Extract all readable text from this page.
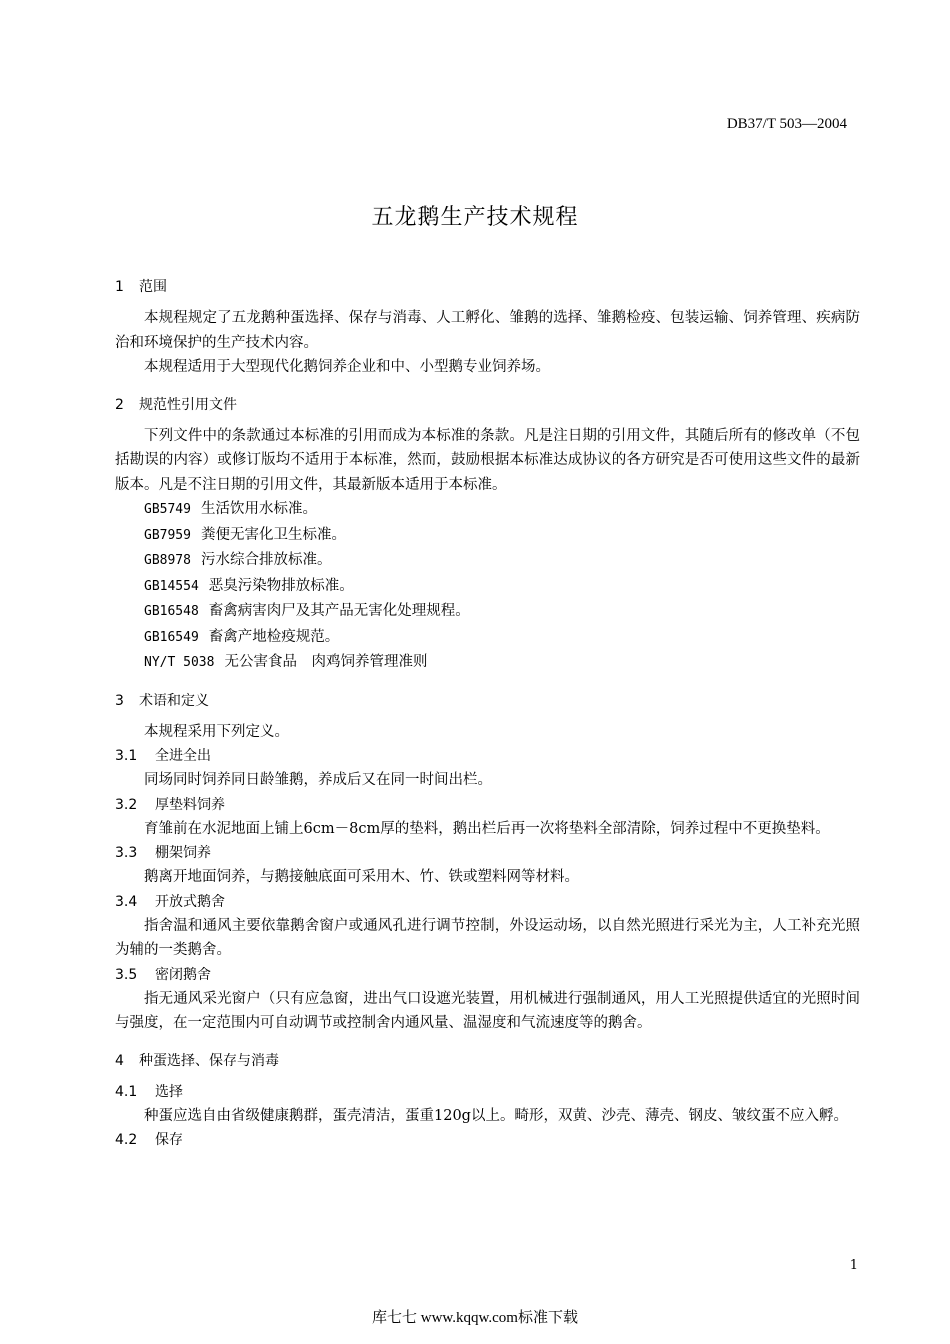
DB37/T 503—2004
五龙鹅生产技术规程
1 范围

本规程规定了五龙鹅种蛋选择、保存与消毒、人工孵化、雏鹅的选择、雏鹅检疫、包装运输、饲养管理、疾病防治和环境保护的生产技术内容。

本规程适用于大型现代化鹅饲养企业和中、小型鹅专业饲养场。

2 规范性引用文件

下列文件中的条款通过本标准的引用而成为本标准的条款。凡是注日期的引用文件，其随后所有的修改单（不包括勘误的内容）或修订版均不适用于本标准，然而，鼓励根据本标准达成协议的各方研究是否可使用这些文件的最新版本。凡是不注日期的引用文件，其最新版本适用于本标准。

GB5749 生活饮用水标准。

GB7959 粪便无害化卫生标准。

GB8978 污水综合排放标准。

GB14554 恶臭污染物排放标准。

GB16548 畜禽病害肉尸及其产品无害化处理规程。

GB16549 畜禽产地检疫规范。

NY/T 5038 无公害食品　肉鸡饲养管理准则

3 术语和定义

本规程采用下列定义。

3.1 全进全出

同场同时饲养同日龄雏鹅，养成后又在同一时间出栏。

3.2 厚垫料饲养

育雏前在水泥地面上铺上6cm－8cm厚的垫料，鹅出栏后再一次将垫料全部清除，饲养过程中不更换垫料。

3.3 棚架饲养

鹅离开地面饲养，与鹅接触底面可采用木、竹、铁或塑料网等材料。

3.4 开放式鹅舍

指舍温和通风主要依靠鹅舍窗户或通风孔进行调节控制，外设运动场，以自然光照进行采光为主，人工补充光照为辅的一类鹅舍。

3.5 密闭鹅舍

指无通风采光窗户（只有应急窗，进出气口设遮光装置，用机械进行强制通风，用人工光照提供适宜的光照时间与强度，在一定范围内可自动调节或控制舍内通风量、温湿度和气流速度等的鹅舍。

4 种蛋选择、保存与消毒
4.1 选择

种蛋应选自由省级健康鹅群，蛋壳清洁，蛋重120g以上。畸形，双黄、沙壳、薄壳、钢皮、皱纹蛋不应入孵。

4.2 保存
1
库七七 www.kqqw.com标准下载
